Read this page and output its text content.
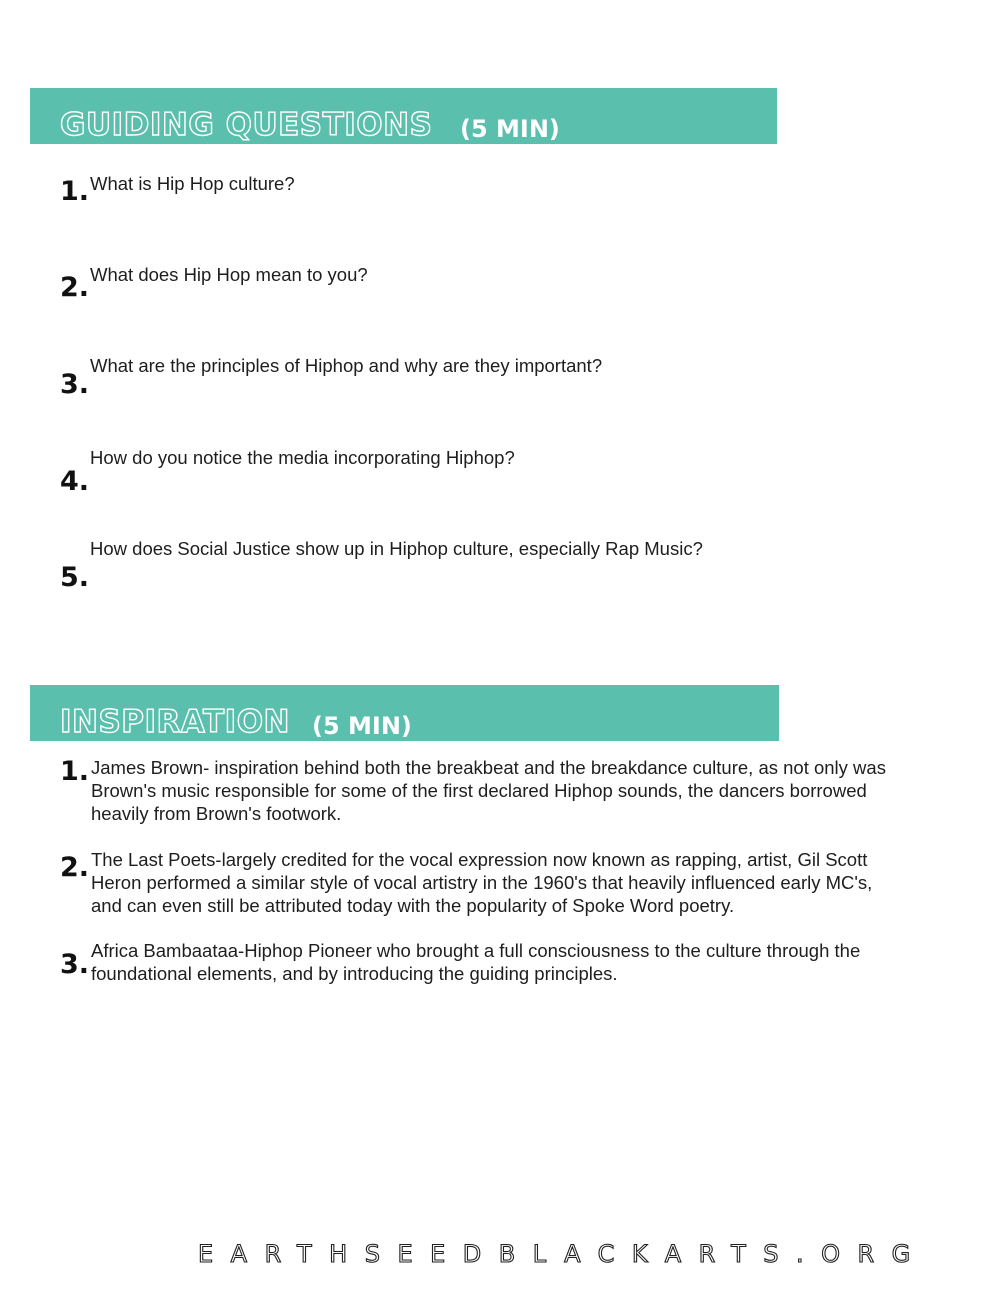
GUIDING QUESTIONS (5 MIN)
1. What is Hip Hop culture?
2. What does Hip Hop mean to you?
3.
What are the principles of Hiphop and why are they important?
4.
How do you notice the media incorporating Hiphop?
5.
How does Social Justice show up in Hiphop culture, especially Rap Music?
INSPIRATION (5 MIN)
1. James Brown- inspiration behind both the breakbeat and the breakdance culture, as not only was Brown's music responsible for some of the first declared Hiphop sounds, the dancers borrowed heavily from Brown's footwork.
2. The Last Poets-largely credited for the vocal expression now known as rapping, artist, Gil Scott Heron performed a similar style of vocal artistry in the 1960's that heavily influenced early MC's, and can even still be attributed today with the popularity of Spoke Word poetry.
3. Africa Bambaataa-Hiphop Pioneer who brought a full consciousness to the culture through the foundational elements, and by introducing the guiding principles.
EARTHSEEDBLACKARTS.ORG
